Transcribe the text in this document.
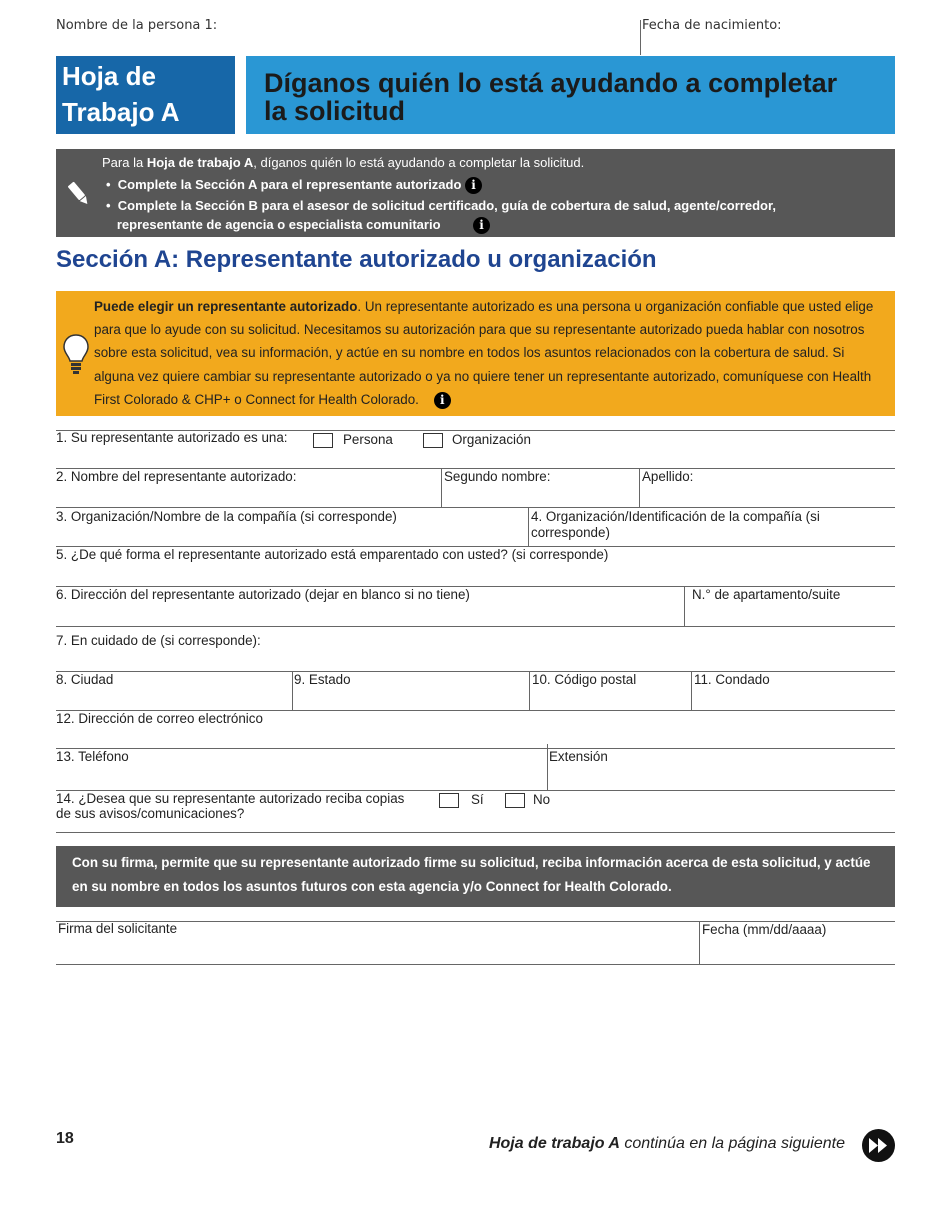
Nombre de la persona 1:	Fecha de nacimiento:
Hoja de
Trabajo A
Díganos quién lo está ayudando a completar
la solicitud
Para la Hoja de trabajo A, díganos quién lo está ayudando a completar la solicitud.
•  Complete la Sección A para el representante autorizado i
•  Complete la Sección B para el asesor de solicitud certificado, guía de cobertura de salud, agente/corredor,
representante de agencia o especialista comunitario	i
Sección A: Representante autorizado u organización
Puede elegir un representante autorizado. Un representante autorizado es una persona u organización confiable que usted elige para que lo ayude con su solicitud. Necesitamos su autorización para que su representante autorizado pueda hablar con nosotros sobre esta solicitud, vea su información, y actúe en su nombre en todos los asuntos relacionados con la cobertura de salud. Si alguna vez quiere cambiar su representante autorizado o ya no quiere tener un representante autorizado, comuníquese con Health First Colorado & CHP+ o Connect for Health Colorado. i
1. Su representante autorizado es una:	Persona	Organización
2. Nombre del representante autorizado:	Segundo nombre:	Apellido:
3. Organización/Nombre de la compañía (si corresponde)	4. Organización/Identificación de la compañía (si
corresponde)
5. ¿De qué forma el representante autorizado está emparentado con usted? (si corresponde)
6. Dirección del representante autorizado (dejar en blanco si no tiene)	N.° de apartamento/suite
7. En cuidado de (si corresponde):
8. Ciudad	9. Estado	10. Código postal	11. Condado
12. Dirección de correo electrónico
13. Teléfono	Extensión
14. ¿Desea que su representante autorizado reciba copias
de sus avisos/comunicaciones?
Sí	No
Con su firma, permite que su representante autorizado firme su solicitud, reciba información acerca de esta solicitud, y actúe
en su nombre en todos los asuntos futuros con esta agencia y/o Connect for Health Colorado.
Firma del solicitante	Fecha (mm/dd/aaaa)
18	Hoja de trabajo A continúa en la página siguiente
